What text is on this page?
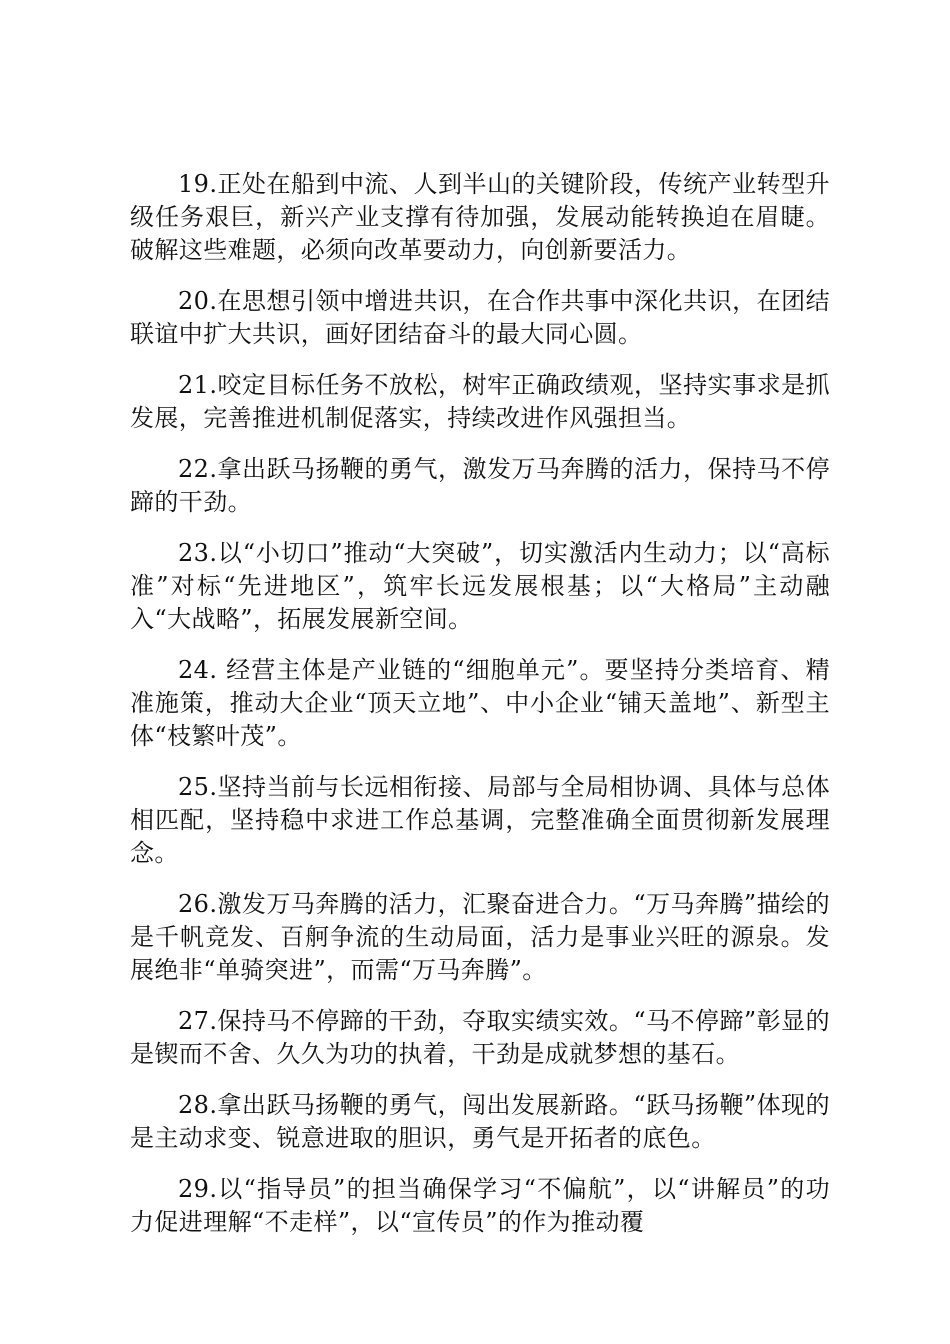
19.正处在船到中流、人到半山的关键阶段，传统产业转型升级任务艰巨，新兴产业支撑有待加强，发展动能转换迫在眉睫。破解这些难题，必须向改革要动力，向创新要活力。

20.在思想引领中增进共识，在合作共事中深化共识，在团结联谊中扩大共识，画好团结奋斗的最大同心圆。

21.咬定目标任务不放松，树牢正确政绩观，坚持实事求是抓发展，完善推进机制促落实，持续改进作风强担当。

22.拿出跃马扬鞭的勇气，激发万马奔腾的活力，保持马不停蹄的干劲。

23.以“小切口”推动“大突破”，切实激活内生动力；以“高标准”对标“先进地区”，筑牢长远发展根基；以“大格局”主动融入“大战略”，拓展发展新空间。

24. 经营主体是产业链的“细胞单元”。要坚持分类培育、精准施策，推动大企业“顶天立地”、中小企业“铺天盖地”、新型主体“枝繁叶茂”。

25.坚持当前与长远相衔接、局部与全局相协调、具体与总体相匹配，坚持稳中求进工作总基调，完整准确全面贯彻新发展理念。

26.激发万马奔腾的活力，汇聚奋进合力。“万马奔腾”描绘的是千帆竞发、百舸争流的生动局面，活力是事业兴旺的源泉。发展绝非“单骑突进”，而需“万马奔腾”。

27.保持马不停蹄的干劲，夺取实绩实效。“马不停蹄”彰显的是锲而不舍、久久为功的执着，干劲是成就梦想的基石。

28.拿出跃马扬鞭的勇气，闯出发展新路。“跃马扬鞭”体现的是主动求变、锐意进取的胆识，勇气是开拓者的底色。

29.以“指导员”的担当确保学习“不偏航”，以“讲解员”的功力促进理解“不走样”，以“宣传员”的作为推动覆
